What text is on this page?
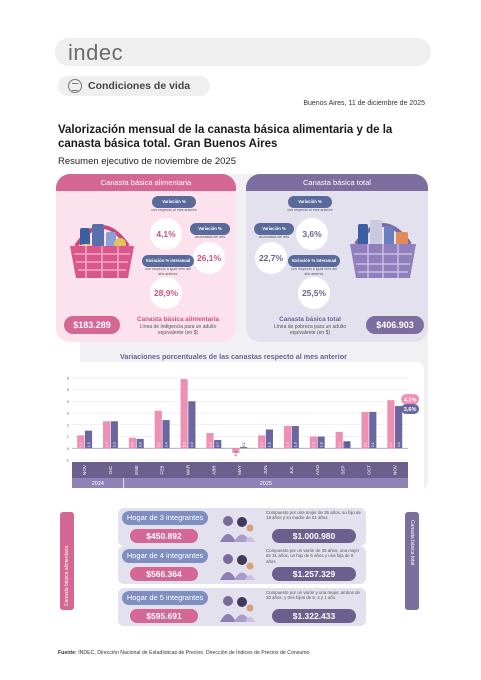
indec
Condiciones de vida
Buenos Aires, 11 de diciembre de 2025
Valorización mensual de la canasta básica alimentaria y de la canasta básica total. Gran Buenos Aires
Resumen ejecutivo de noviembre de 2025
Canasta básica alimentaria	Canasta básica total
Variación %
con respecto al mes anterior
4,1%
Variación %
acumulada del año
26,1%
Variación % interanual
con respecto a igual mes del año anterior
28,9%
$183.289
Canasta básica alimentaria
Línea de indigencia para un adulto equivalente (en $)
Variación %
con respecto al mes anterior
3,6%
Variación %
acumulada del año
22,7%	Variación % interanual
con respecto a igual mes del año anterior
25,5%
Canasta básica total
Línea de pobreza para un adulto equivalente (en $)
$406.903
Variaciones porcentuales de las canastas respecto al mes anterior
-1
0
1
2
3
4
5
6
1,1 1,5	2,3 2,3	0,9 0,8	3,2 2,4	5,9 4,0	1,3 0,7
-0,4
0,1	1,1 1,6	1,9 1,9	1,0 1,0	1,4 0,6	3,1 3,1	4,1 3,6
4,1%
3,6%
NOV	DIC	ENE	FEB	MAR	ABR	MAY	JUN	JUL	AGO	SEP	OCT	NOV
2024	2025
Hogar de 3 integrantes
$450.892
Compuesto por una mujer de 35 años, su hijo de 18 años y su madre de 61 años
$1.000.980
Hogar de 4 integrantes
$566.364
Compuesto por un varón de 35 años, una mujer de 31 años, un hijo de 6 años y una hija de 8 años
$1.257.329
Hogar de 5 integrantes
$595.691
Compuesto por un varón y una mujer, ambos de 30 años, y tres hijos de 5, 3 y 1 año
$1.322.433
Canasta básica alimentaria
Canasta básica total
Fuente: INDEC, Dirección Nacional de Estadísticas de Precios. Dirección de Índices de Precios de Consumo.
